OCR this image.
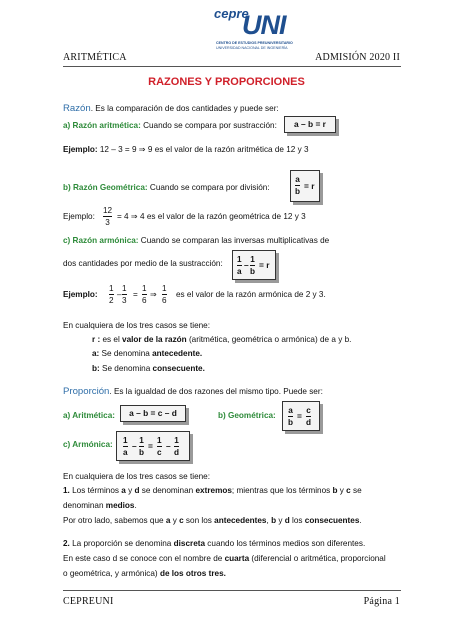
cepre
UNI
CENTRO DE ESTUDIOS PREUNIVERSITARIO
UNIVERSIDAD NACIONAL DE INGENIERÍA
ARITMÉTICA	ADMISIÓN 2020 II
RAZONES Y PROPORCIONES
Razón. Es la comparación de dos cantidades y puede ser:
a) Razón aritmética: Cuando se compara por sustracción:	a – b = r
Ejemplo: 12 – 3 = 9 ⇒ 9 es el valor de la razón aritmética de 12 y 3
b) Razón Geométrica: Cuando se compara por división:
a
b
= r
Ejemplo:
12
3
= 4 ⇒ 4 es el valor de la razón geométrica de 12 y 3
c) Razón armónica: Cuando se comparan las inversas multiplicativas de
dos cantidades por medio de la sustracción: 1
a
–
1
b
= r
Ejemplo:
1
2
–
1
3
=
1
6
⇒
1
6
es el valor de la razón armónica de 2 y 3.
En cualquiera de los tres casos se tiene:
r : es el valor de la razón (aritmética, geométrica o armónica) de a y b.
a: Se denomina antecedente.
b: Se denomina consecuente.
Proporción. Es la igualdad de dos razones del mismo tipo. Puede ser:
a) Aritmética:	a – b = c – d	b) Geométrica:
a
b
=
c
d
c) Armónica: 1
a
–
1
b
=
1
c
–
1
d
En cualquiera de los tres casos se tiene:
1. Los términos a y d se denominan extremos; mientras que los términos b y c se
denominan medios.
Por otro lado, sabemos que a y c son los antecedentes, b y d los consecuentes.
2. La proporción se denomina discreta cuando los términos medios son diferentes.
En este caso d se conoce con el nombre de cuarta (diferencial o aritmética, proporcional
o geométrica, y armónica) de los otros tres.
CEPREUNI	Página 1
